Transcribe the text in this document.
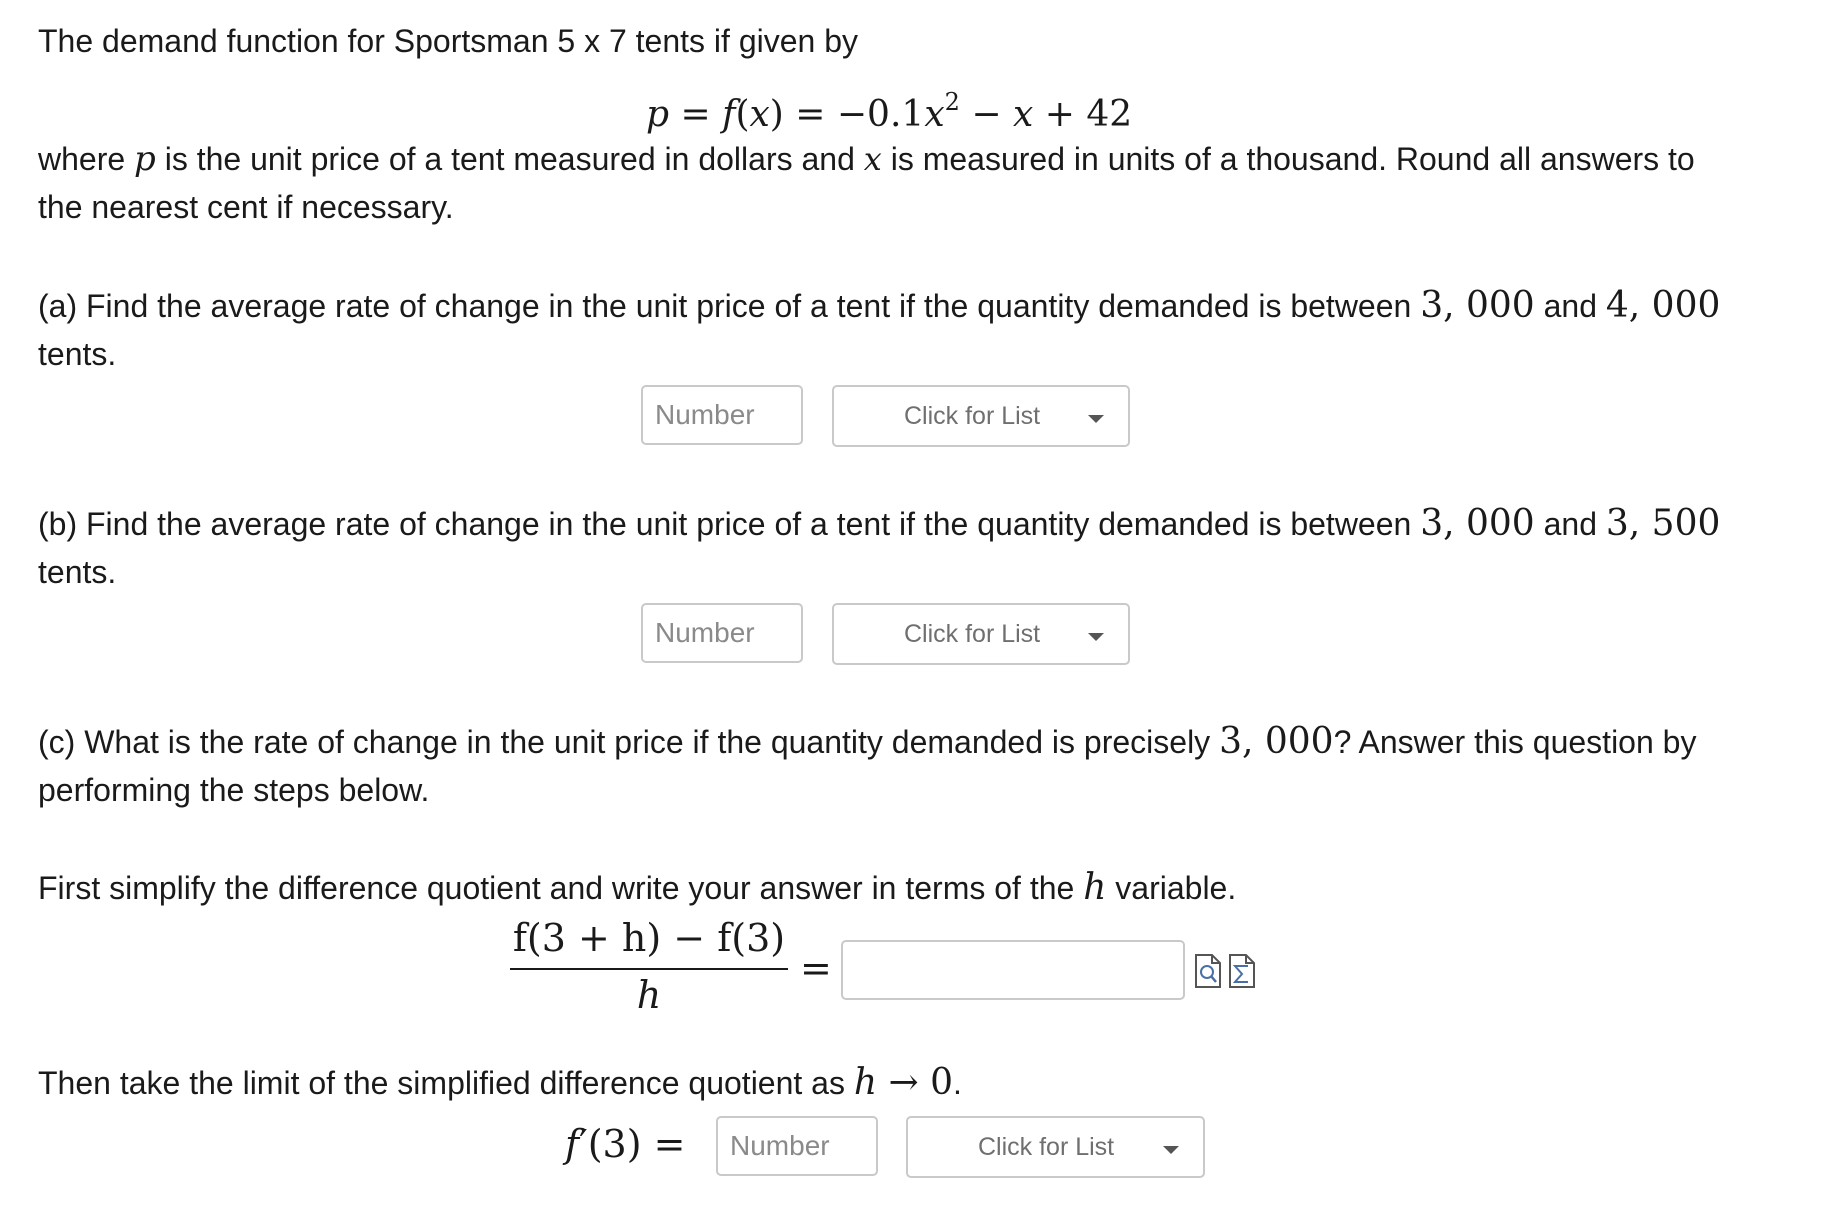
The demand function for Sportsman 5 x 7 tents if given by
$p = f(x) = -0.1x^2 - x + 42$
where p is the unit price of a tent measured in dollars and x is measured in units of a thousand. Round all answers to
the nearest cent if necessary.
(a) Find the average rate of change in the unit price of a tent if the quantity demanded is between 3, 000 and 4, 000
tents.
Number	Click for List
(b) Find the average rate of change in the unit price of a tent if the quantity demanded is between 3, 000 and 3, 500
tents.
Number	Click for List
(c) What is the rate of change in the unit price if the quantity demanded is precisely 3, 000? Answer this question by
performing the steps below.
First simplify the difference quotient and write your answer in terms of the h variable.
f(3 + h) − f(3)
h
=
Then take the limit of the simplified difference quotient as h → 0.
f′(3) =	Number	Click for List
